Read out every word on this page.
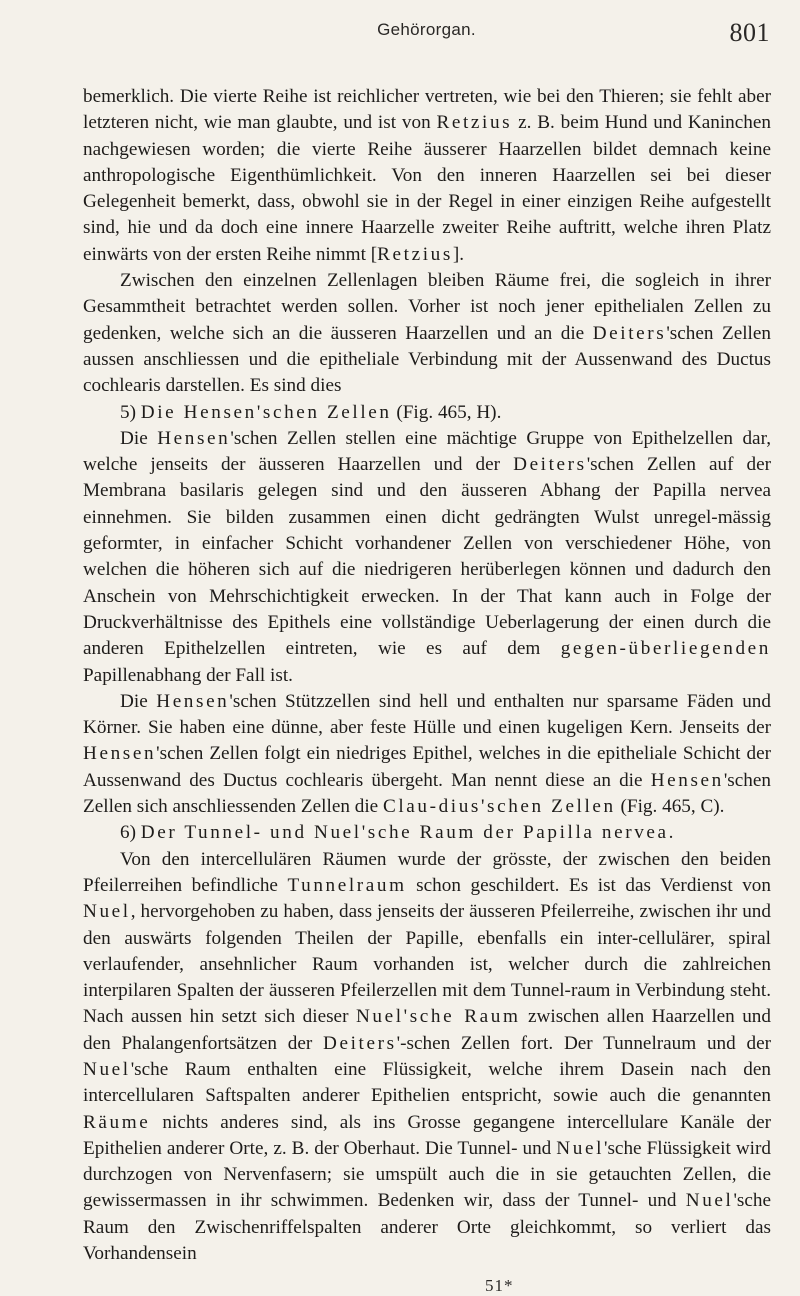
Gehörorgan.	801

bemerklich. Die vierte Reihe ist reichlicher vertreten, wie bei den Thieren; sie fehlt aber letzteren nicht, wie man glaubte, und ist von Retzius z. B. beim Hund und Kaninchen nachgewiesen worden; die vierte Reihe äusserer Haarzellen bildet demnach keine anthropologische Eigenthümlichkeit. Von den inneren Haarzellen sei bei dieser Gelegenheit bemerkt, dass, obwohl sie in der Regel in einer einzigen Reihe aufgestellt sind, hie und da doch eine innere Haarzelle zweiter Reihe auftritt, welche ihren Platz einwärts von der ersten Reihe nimmt [Retzius].

Zwischen den einzelnen Zellenlagen bleiben Räume frei, die sogleich in ihrer Gesammtheit betrachtet werden sollen. Vorher ist noch jener epithelialen Zellen zu gedenken, welche sich an die äusseren Haarzellen und an die Deiters'schen Zellen aussen anschliessen und die epitheliale Verbindung mit der Aussenwand des Ductus cochlearis darstellen. Es sind dies

5) Die Hensen'schen Zellen (Fig. 465, H).

Die Hensen'schen Zellen stellen eine mächtige Gruppe von Epithelzellen dar, welche jenseits der äusseren Haarzellen und der Deiters'schen Zellen auf der Membrana basilaris gelegen sind und den äusseren Abhang der Papilla nervea einnehmen. Sie bilden zusammen einen dicht gedrängten Wulst unregel-mässig geformter, in einfacher Schicht vorhandener Zellen von verschiedener Höhe, von welchen die höheren sich auf die niedrigeren herüberlegen können und dadurch den Anschein von Mehrschichtigkeit erwecken. In der That kann auch in Folge der Druckverhältnisse des Epithels eine vollständige Ueberlagerung der einen durch die anderen Epithelzellen eintreten, wie es auf dem gegen-überliegenden Papillenabhang der Fall ist.

Die Hensen'schen Stützzellen sind hell und enthalten nur sparsame Fäden und Körner. Sie haben eine dünne, aber feste Hülle und einen kugeligen Kern. Jenseits der Hensen'schen Zellen folgt ein niedriges Epithel, welches in die epitheliale Schicht der Aussenwand des Ductus cochlearis übergeht. Man nennt diese an die Hensen'schen Zellen sich anschliessenden Zellen die Clau-dius'schen Zellen (Fig. 465, C).

6) Der Tunnel- und Nuel'sche Raum der Papilla nervea.

Von den intercellulären Räumen wurde der grösste, der zwischen den beiden Pfeilerreihen befindliche Tunnelraum schon geschildert. Es ist das Verdienst von Nuel, hervorgehoben zu haben, dass jenseits der äusseren Pfeilerreihe, zwischen ihr und den auswärts folgenden Theilen der Papille, ebenfalls ein inter-cellulärer, spiral verlaufender, ansehnlicher Raum vorhanden ist, welcher durch die zahlreichen interpilaren Spalten der äusseren Pfeilerzellen mit dem Tunnel-raum in Verbindung steht. Nach aussen hin setzt sich dieser Nuel'sche Raum zwischen allen Haarzellen und den Phalangenfortsätzen der Deiters'-schen Zellen fort. Der Tunnelraum und der Nuel'sche Raum enthalten eine Flüssigkeit, welche ihrem Dasein nach den intercellularen Saftspalten anderer Epithelien entspricht, sowie auch die genannten Räume nichts anderes sind, als ins Grosse gegangene intercellulare Kanäle der Epithelien anderer Orte, z. B. der Oberhaut. Die Tunnel- und Nuel'sche Flüssigkeit wird durchzogen von Nervenfasern; sie umspült auch die in sie getauchten Zellen, die gewissermassen in ihr schwimmen. Bedenken wir, dass der Tunnel- und Nuel'sche Raum den Zwischenriffelspalten anderer Orte gleichkommt, so verliert das Vorhandensein

51*
